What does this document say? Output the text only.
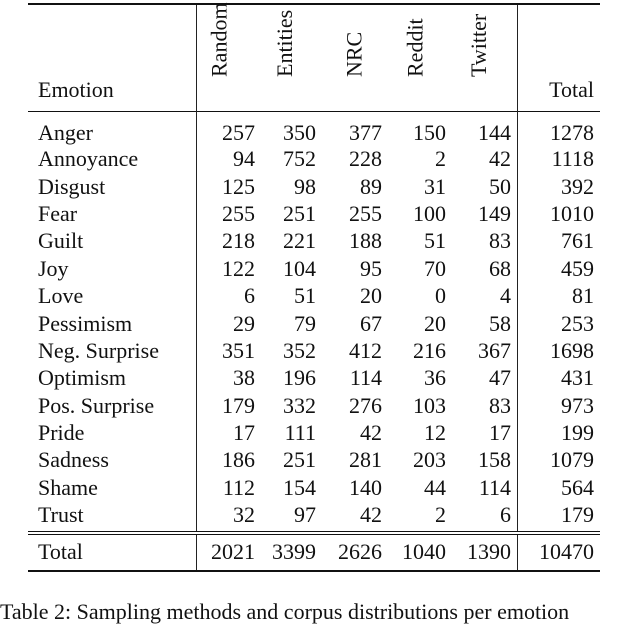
Emotion	Random	Entities	NRC	Reddit	Twitter	Total
Anger	257	350	377	150	144	1278
Annoyance	94	752	228	2	42	1118
Disgust	125	98	89	31	50	392
Fear	255	251	255	100	149	1010
Guilt	218	221	188	51	83	761
Joy	122	104	95	70	68	459
Love	6	51	20	0	4	81
Pessimism	29	79	67	20	58	253
Neg. Surprise	351	352	412	216	367	1698
Optimism	38	196	114	36	47	431
Pos. Surprise	179	332	276	103	83	973
Pride	17	111	42	12	17	199
Sadness	186	251	281	203	158	1079
Shame	112	154	140	44	114	564
Trust	32	97	42	2	6	179
Total	2021	3399	2626	1040	1390	10470
Table 2: Sampling methods and corpus distributions per emotion
